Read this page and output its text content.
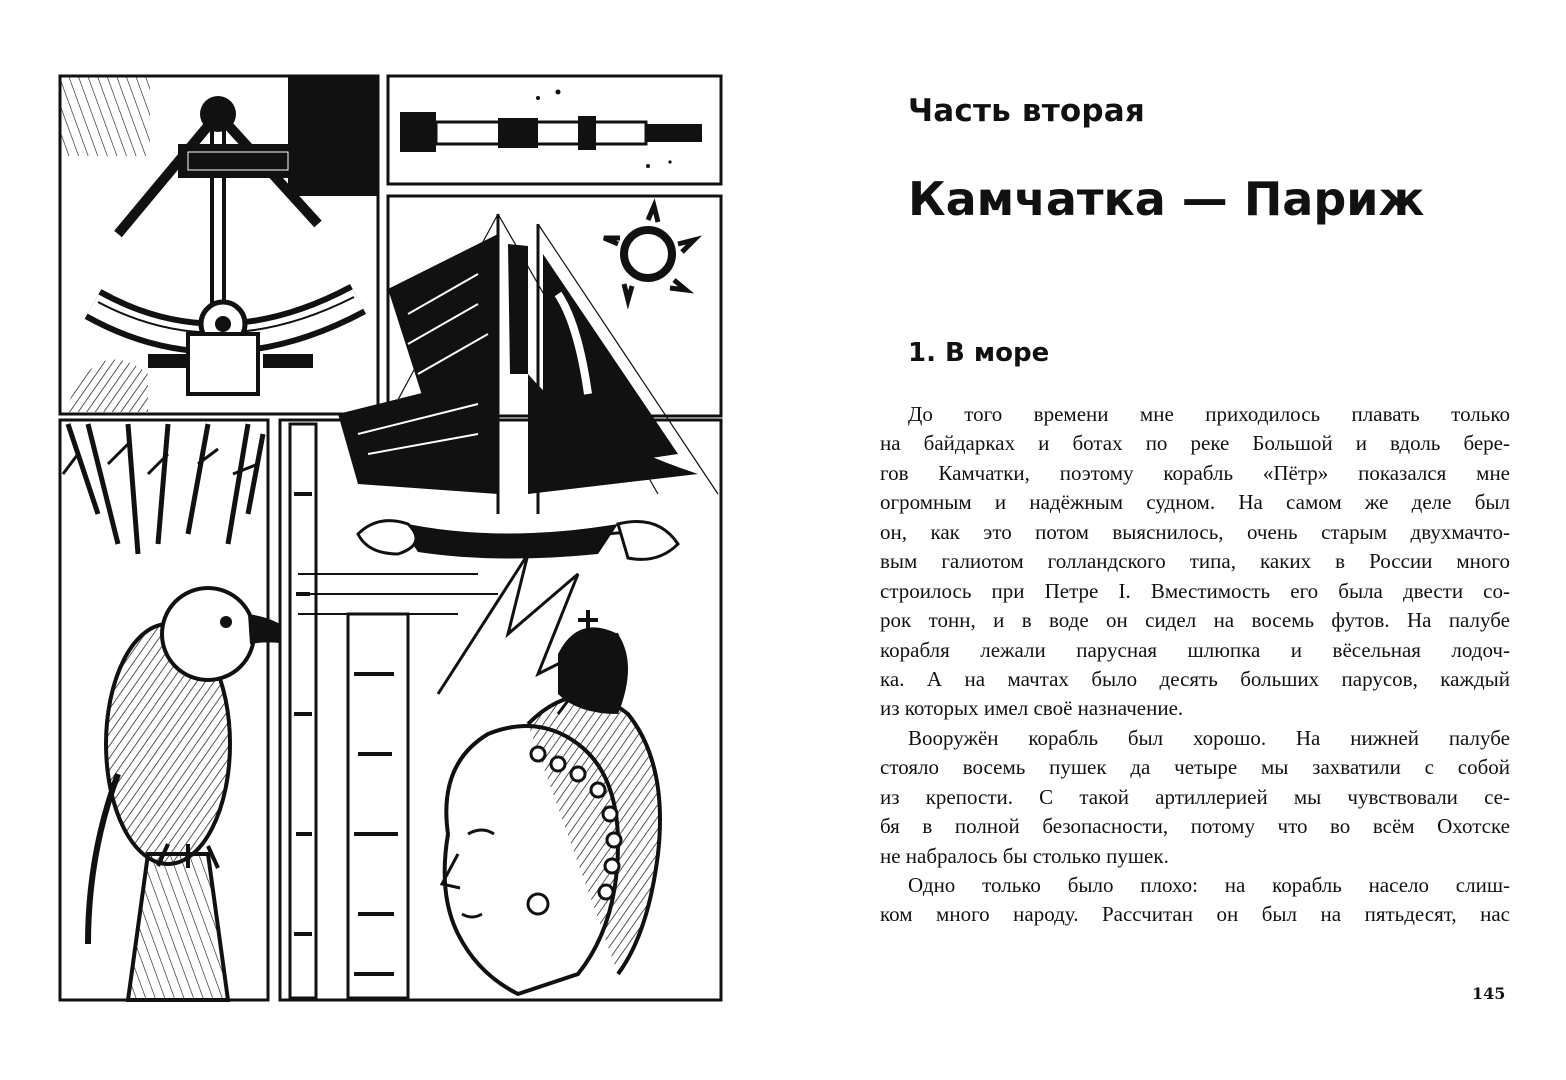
Часть вторая
Камчатка — Париж
1. В море
До того времени мне приходилось плавать только
на байдарках и ботах по реке Большой и вдоль бере-
гов Камчатки, поэтому корабль «Пётр» показался мне
огромным и надёжным судном. На самом же деле был
он, как это потом выяснилось, очень старым двухмачто-
вым галиотом голландского типа, каких в России много
строилось при Петре I. Вместимость его была двести со-
рок тонн, и в воде он сидел на восемь футов. На палубе
корабля лежали парусная шлюпка и вёсельная лодоч-
ка. А на мачтах было десять больших парусов, каждый
из которых имел своё назначение.
Вооружён корабль был хорошо. На нижней палубе
стояло восемь пушек да четыре мы захватили с собой
из крепости. С такой артиллерией мы чувствовали се-
бя в полной безопасности, потому что во всём Охотске
не набралось бы столько пушек.
Одно только было плохо: на корабль насело слиш-
ком много народу. Рассчитан он был на пятьдесят, нас
145
